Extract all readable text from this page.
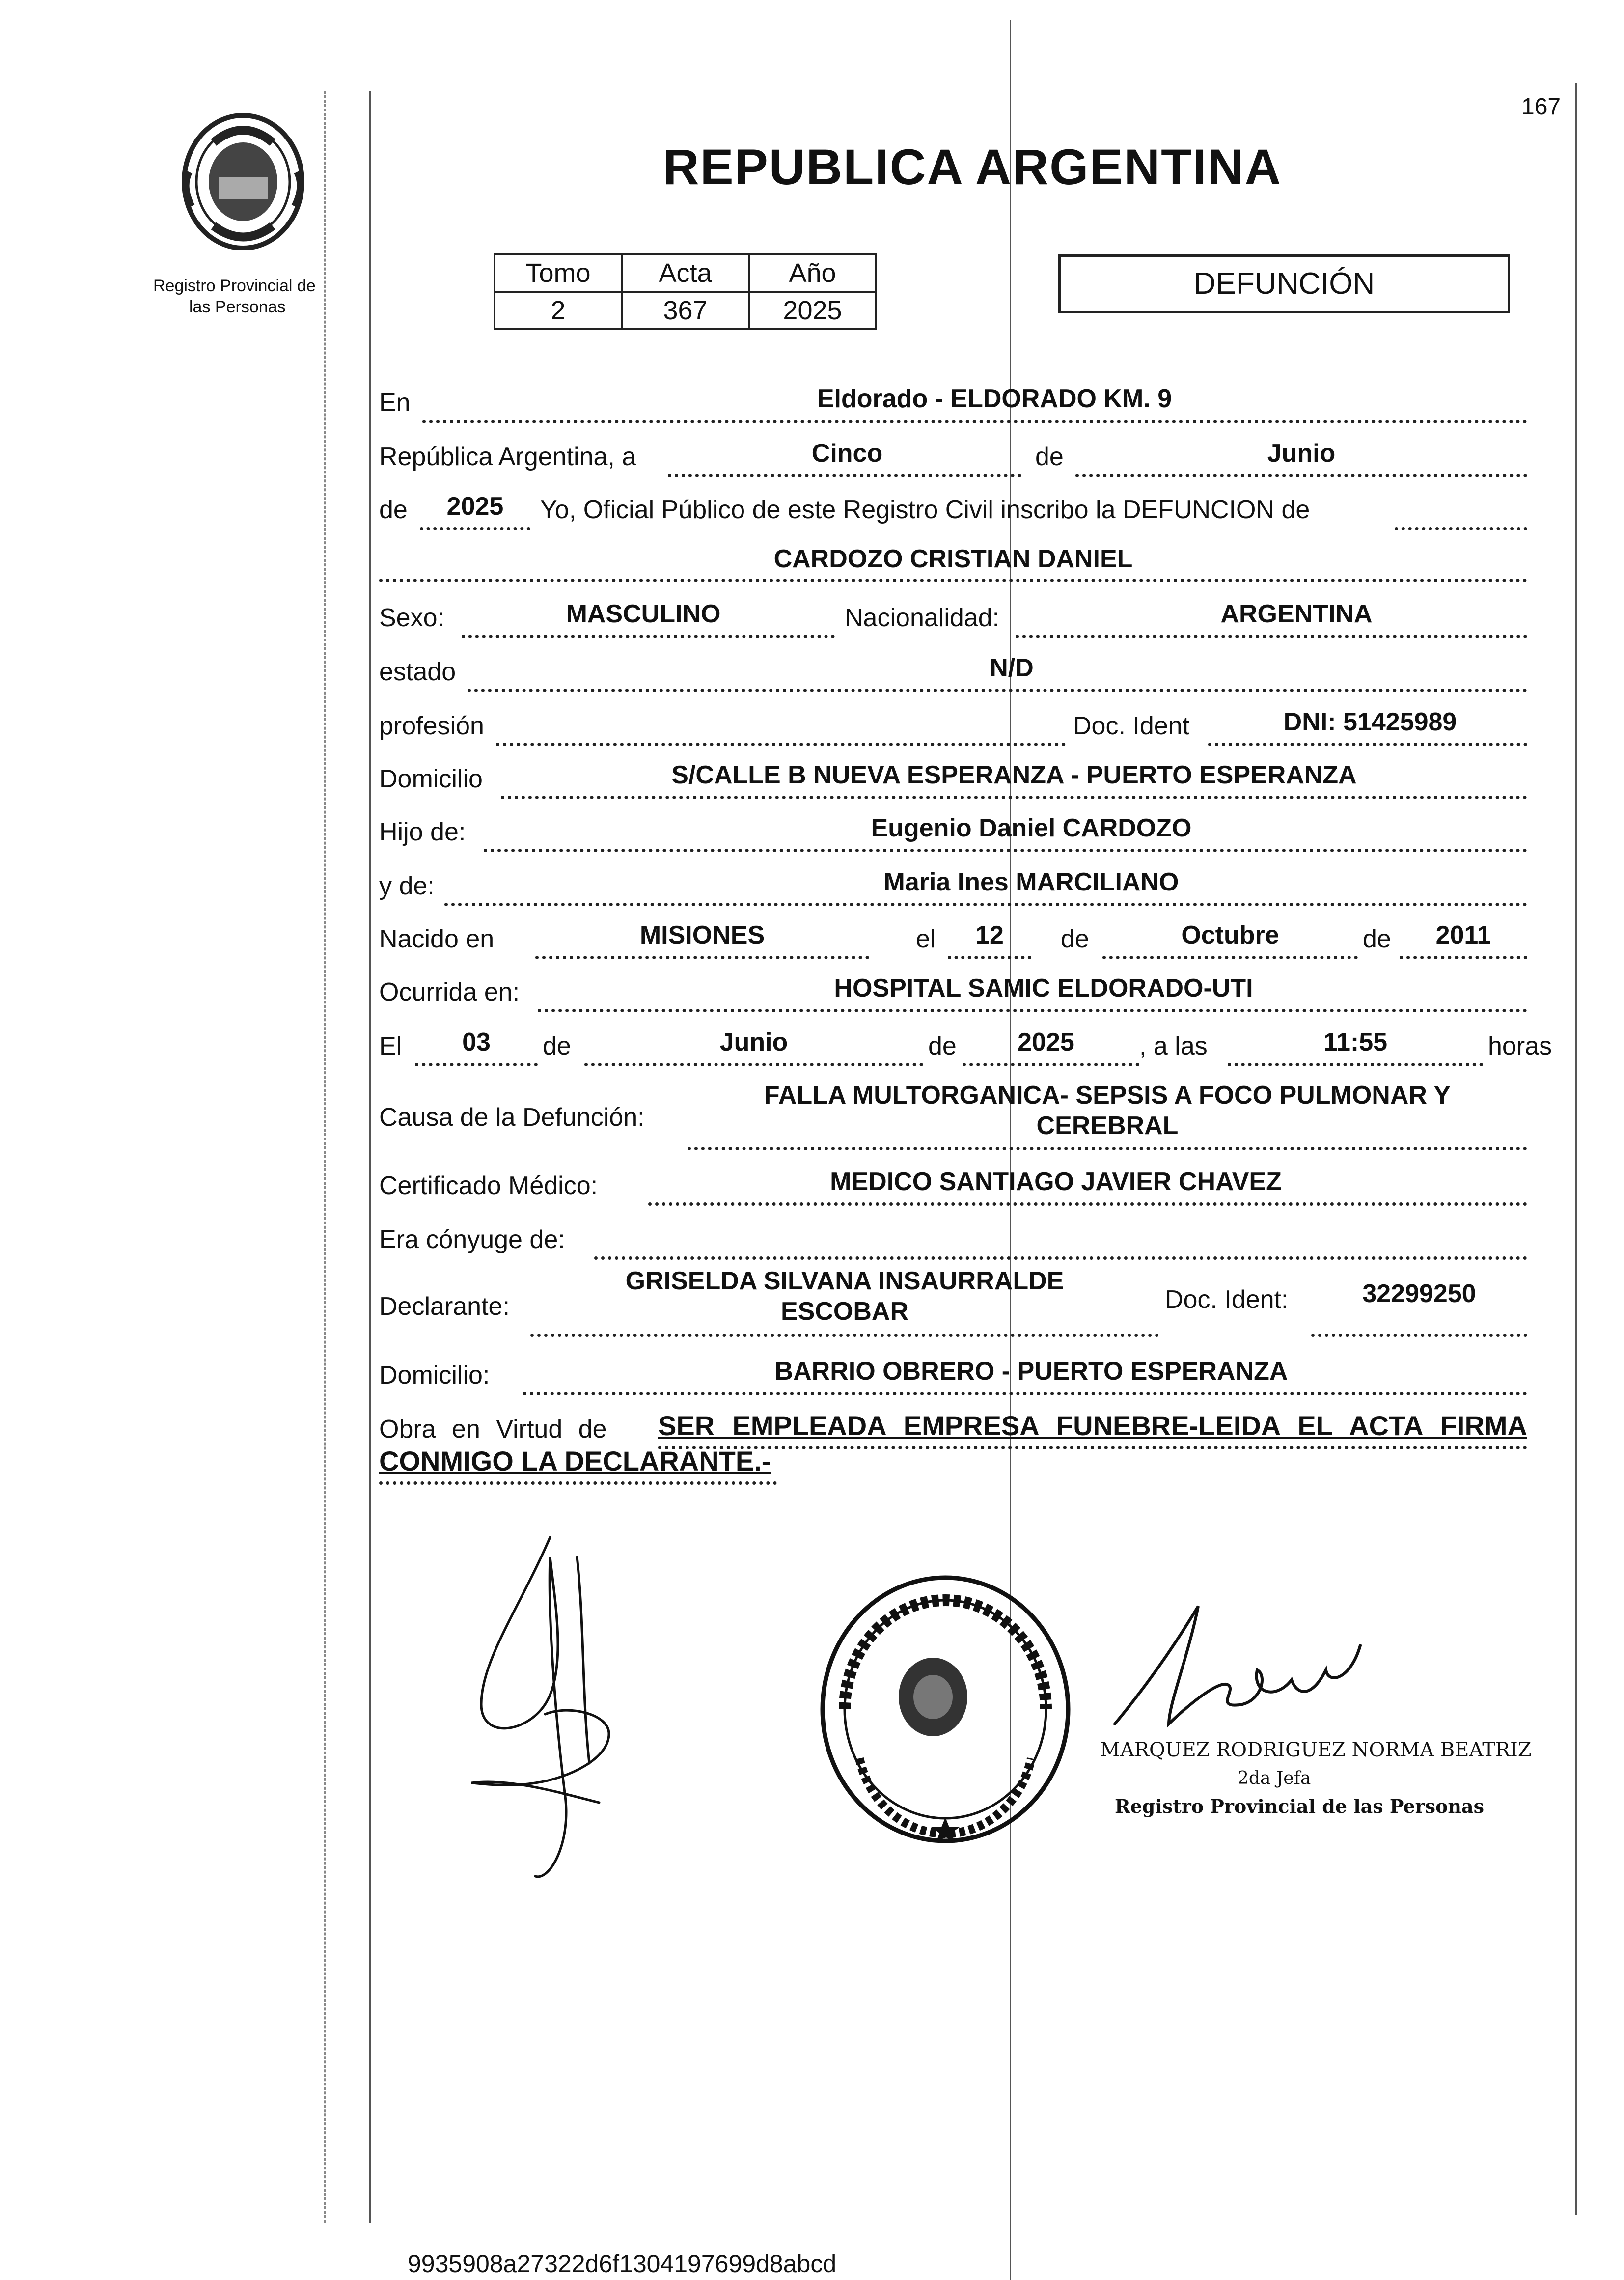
167
Registro Provincial de
las Personas
REPUBLICA ARGENTINA
Tomo	Acta	Año
2	367	2025
DEFUNCIÓN
En	Eldorado - ELDORADO KM. 9
República Argentina, a	Cinco	de	Junio
de	2025	Yo, Oficial Público de este Registro Civil inscribo la DEFUNCION de
CARDOZO CRISTIAN DANIEL
Sexo:	MASCULINO	Nacionalidad:	ARGENTINA
estado	N/D
profesión	Doc. Ident	DNI: 51425989
Domicilio	S/CALLE B NUEVA ESPERANZA - PUERTO ESPERANZA
Hijo de:	Eugenio Daniel CARDOZO
y de:	Maria Ines MARCILIANO
Nacido en	MISIONES	el	12	de	Octubre	de	2011
Ocurrida en:	HOSPITAL SAMIC ELDORADO-UTI
El	03	de	Junio	de	2025	, a las	11:55	horas
Causa de la Defunción:
FALLA MULTORGANICA- SEPSIS A FOCO PULMONAR Y
CEREBRAL
Certificado Médico:	MEDICO SANTIAGO JAVIER CHAVEZ
Era cónyuge de:
Declarante:
GRISELDA SILVANA INSAURRALDE
ESCOBAR	Doc. Ident:	32299250
Domicilio:	BARRIO OBRERO - PUERTO ESPERANZA
Obra en Virtud de SER EMPLEADA EMPRESA FUNEBRE-LEIDA EL ACTA FIRMA
CONMIGO LA DECLARANTE.-
MARQUEZ RODRIGUEZ NORMA BEATRIZ
2da Jefa
Registro Provincial de las Personas
9935908a27322d6f1304197699d8abcd
